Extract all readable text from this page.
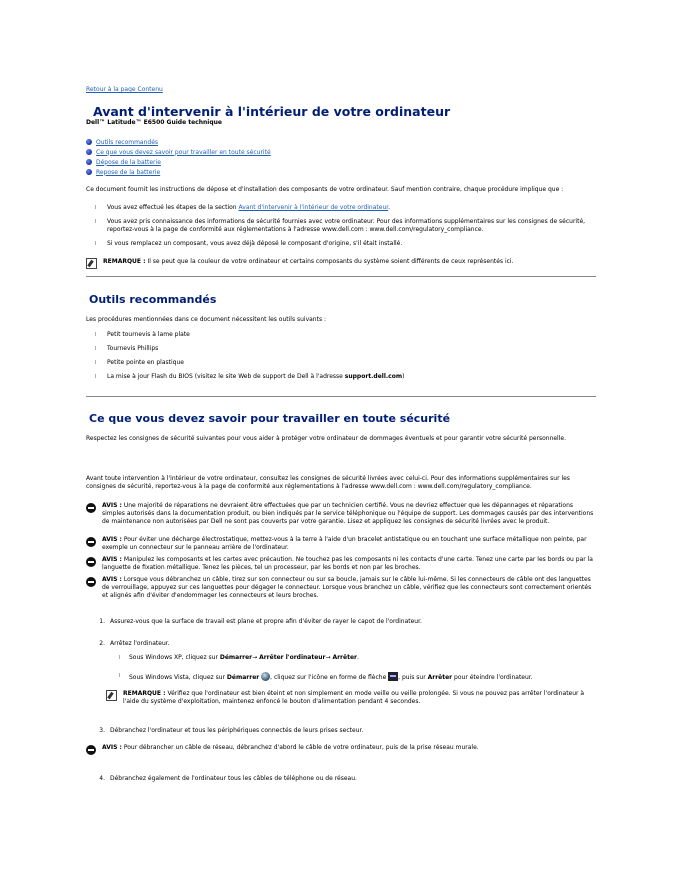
Retour à la page Contenu
Avant d'intervenir à l'intérieur de votre ordinateur
Dell™ Latitude™ E6500 Guide technique
Outils recommandés
Ce que vous devez savoir pour travailler en toute sécurité
Dépose de la batterie
Repose de la batterie

Ce document fournit les instructions de dépose et d'installation des composants de votre ordinateur. Sauf mention contraire, chaque procédure implique que :

l Vous avez effectué les étapes de la section Avant d'intervenir à l'intérieur de votre ordinateur.
l Vous avez pris connaissance des informations de sécurité fournies avec votre ordinateur. Pour des informations supplémentaires sur les consignes de sécurité, reportez-vous à la page de conformité aux réglementations à l'adresse www.dell.com : www.dell.com/regulatory_compliance.
l Si vous remplacez un composant, vous avez déjà déposé le composant d'origine, s'il était installé.
REMARQUE : Il se peut que la couleur de votre ordinateur et certains composants du système soient différents de ceux représentés ici.
Outils recommandés

Les procédures mentionnées dans ce document nécessitent les outils suivants :

l Petit tournevis à lame plate
l Tournevis Phillips
l Petite pointe en plastique
l La mise à jour Flash du BIOS (visitez le site Web de support de Dell à l'adresse support.dell.com)
Ce que vous devez savoir pour travailler en toute sécurité

Respectez les consignes de sécurité suivantes pour vous aider à protéger votre ordinateur de dommages éventuels et pour garantir votre sécurité personnelle.

Avant toute intervention à l'intérieur de votre ordinateur, consultez les consignes de sécurité livrées avec celui-ci. Pour des informations supplémentaires sur les consignes de sécurité, reportez-vous à la page de conformité aux réglementations à l'adresse www.dell.com : www.dell.com/regulatory_compliance.

AVIS : Une majorité de réparations ne devraient être effectuées que par un technicien certifié. Vous ne devriez effectuer que les dépannages et réparations simples autorisés dans la documentation produit, ou bien indiqués par le service téléphonique ou l'équipe de support. Les dommages causés par des interventions de maintenance non autorisées par Dell ne sont pas couverts par votre garantie. Lisez et appliquez les consignes de sécurité livrées avec le produit.
AVIS : Pour éviter une décharge électrostatique, mettez-vous à la terre à l'aide d'un bracelet antistatique ou en touchant une surface métallique non peinte, par exemple un connecteur sur le panneau arrière de l'ordinateur.
AVIS : Manipulez les composants et les cartes avec précaution. Ne touchez pas les composants ni les contacts d'une carte. Tenez une carte par les bords ou par la languette de fixation métallique. Tenez les pièces, tel un processeur, par les bords et non par les broches.
AVIS : Lorsque vous débranchez un câble, tirez sur son connecteur ou sur sa boucle, jamais sur le câble lui-même. Si les connecteurs de câble ont des languettes de verrouillage, appuyez sur ces languettes pour dégager le connecteur. Lorsque vous branchez un câble, vérifiez que les connecteurs sont correctement orientés et alignés afin d'éviter d'endommager les connecteurs et leurs broches.
1. Assurez-vous que la surface de travail est plane et propre afin d'éviter de rayer le capot de l'ordinateur.
2. Arrêtez l'ordinateur.
l Sous Windows XP, cliquez sur Démarrer→ Arrêter l'ordinateur→ Arrêter.
l Sous Windows Vista, cliquez sur Démarrer , cliquez sur l'icône en forme de flèche , puis sur Arrêter pour éteindre l'ordinateur.
REMARQUE : Vérifiez que l'ordinateur est bien éteint et non simplement en mode veille ou veille prolongée. Si vous ne pouvez pas arrêter l'ordinateur à l'aide du système d'exploitation, maintenez enfoncé le bouton d'alimentation pendant 4 secondes.
3. Débranchez l'ordinateur et tous les périphériques connectés de leurs prises secteur.
AVIS : Pour débrancher un câble de réseau, débranchez d'abord le câble de votre ordinateur, puis de la prise réseau murale.
4. Débranchez également de l'ordinateur tous les câbles de téléphone ou de réseau.
